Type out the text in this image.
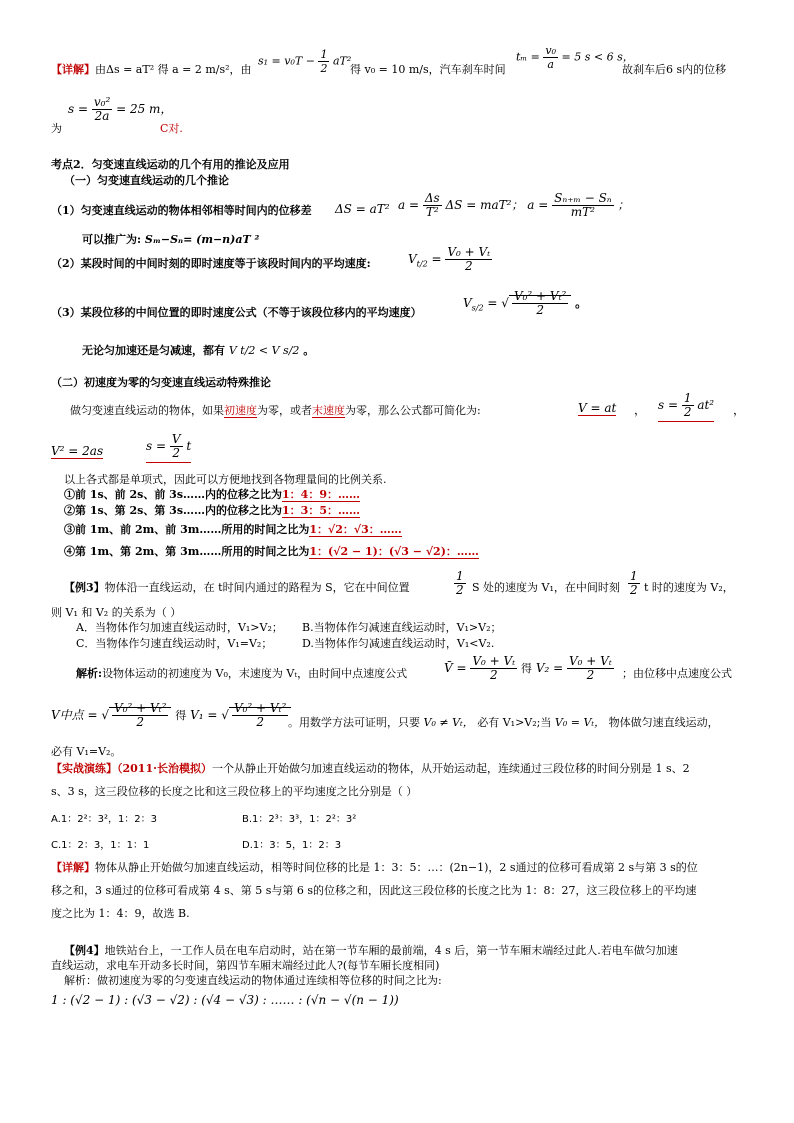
【详解】由Δs = aT² 得 a = 2 m/s²，由
$s_1 = v_0T - \frac{1}{2} aT^2$
得 v₀ = 10 m/s，汽车刹车时间
$t_m = \frac{\text{v₀}}{a} = 5$ s < 6 s，
故刹车后6 s内的位移
$s = \frac{\text{v₀²}}{2a} = 25$ m，
为	C对.
考点2．匀变速直线运动的几个有用的推论及应用
（一）匀变速直线运动的几个推论
（1）匀变速直线运动的物体相邻相等时间内的位移差 ΔS = aT² $a = \frac{\Delta s}{\text{T²}}$ ΔS = maT²； $a = \frac{\text{Sₙ₊ₘ − Sₙ}}{\text{mT²}}$ ；
可以推广为: Sₘ−Sₙ= (m−n)aT ²
（2）某段时间的中间时刻的即时速度等于该段时间内的平均速度:	$V_{t/2} = \frac{\text{V₀ + Vₜ}}{2}$
（3）某段位移的中间位置的即时速度公式（不等于该段位移内的平均速度）
$V_{s/2}$ = √ $\frac{\text{V₀² + Vₜ²}}{2}$ 。
无论匀加速还是匀减速，都有 V t/2 < V s/2 。
（二）初速度为零的匀变速直线运动特殊推论
做匀变速直线运动的物体，如果初速度为零，或者末速度为零，那么公式都可简化为:	V = at ， $s = \frac{1}{2} at^2$ ，
V² = 2as	$s = \frac{V}{2}$ t
以上各式都是单项式，因此可以方便地找到各物理量间的比例关系.
①前 1s、前 2s、前 3s……内的位移之比为1：4：9：……
②第 1s、第 2s、第 3s……内的位移之比为1：3：5：……
③前 1m、前 2m、前 3m……所用的时间之比为1：√2：√3：……
④第 1m、第 2m、第 3m……所用的时间之比为1：(√2 − 1)：(√3 − √2)：……
【例3】物体沿一直线运动，在 t时间内通过的路程为 S，它在中间位置	$\frac{1}{2}$ S 处的速度为 V₁，在中间时刻 $\frac{1}{2}$ t 时的速度为 V₂，
则 V₁ 和 V₂ 的关系为（ ）
A．当物体作匀加速直线运动时，V₁>V₂； B.当物体作匀减速直线运动时，V₁>V₂；
C．当物体作匀速直线运动时，V₁=V₂；	D.当物体作匀减速直线运动时，V₁<V₂.
解析:设物体运动的初速度为 V₀，末速度为 Vₜ，由时间中点速度公式	V̄ = $\frac{\text{V₀ + Vₜ}}{2}$ 得 $V_2 = \frac{\text{V₀ + Vₜ}}{2}$ ；由位移中点速度公式
V中点 = √ $\frac{\text{V₀² + Vₜ²}}{2}$ 得 V₁ = √ $\frac{\text{V₀² + Vₜ²}}{2}$ 。用数学方法可证明，只要 V₀ ≠ Vₜ， 必有 V₁>V₂;当 V₀ = Vₜ， 物体做匀速直线运动，
必有 V₁=V₂。
【实战演练】（2011·长治模拟）一个从静止开始做匀加速直线运动的物体，从开始运动起，连续通过三段位移的时间分别是 1 s、2
s、3 s，这三段位移的长度之比和这三段位移上的平均速度之比分别是（ ）
A.1：2²：3²，1：2：3	B.1：2³：3³，1：2²：3²
C.1：2：3，1：1：1	D.1：3：5，1：2：3
【详解】物体从静止开始做匀加速直线运动，相等时间位移的比是 1：3：5：…：(2n−1)，2 s通过的位移可看成第 2 s与第 3 s的位
移之和，3 s通过的位移可看成第 4 s、第 5 s与第 6 s的位移之和，因此这三段位移的长度之比为 1：8：27，这三段位移上的平均速
度之比为 1：4：9，故选 B.
【例4】地铁站台上，一工作人员在电车启动时，站在第一节车厢的最前端，4 s 后，第一节车厢末端经过此人.若电车做匀加速
直线运动，求电车开动多长时间，第四节车厢末端经过此人?(每节车厢长度相同)
解析：做初速度为零的匀变速直线运动的物体通过连续相等位移的时间之比为:
1 : (√2 − 1) : (√3 − √2) : (√4 − √3) : …… : (√n − √(n − 1))
